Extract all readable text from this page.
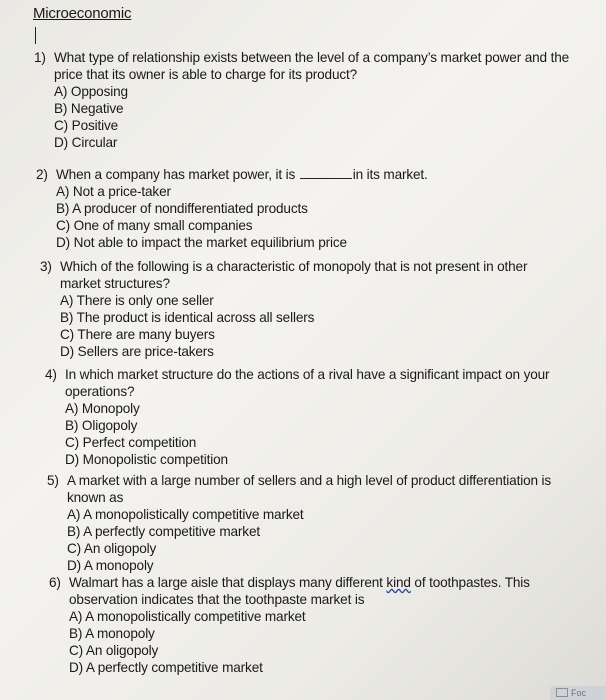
Microeconomic
1) What type of relationship exists between the level of a company’s market power and the price that its owner is able to charge for its product?
A) Opposing
B) Negative
C) Positive
D) Circular
2) When a company has market power, it is	in its market.
A) Not a price-taker
B) A producer of nondifferentiated products
C) One of many small companies
D) Not able to impact the market equilibrium price
3) Which of the following is a characteristic of monopoly that is not present in other market structures?
A) There is only one seller
B) The product is identical across all sellers
C) There are many buyers
D) Sellers are price-takers
4) In which market structure do the actions of a rival have a significant impact on your operations?
A) Monopoly
B) Oligopoly
C) Perfect competition
D) Monopolistic competition
5) A market with a large number of sellers and a high level of product differentiation is known as
A) A monopolistically competitive market
B) A perfectly competitive market
C) An oligopoly
D) A monopoly
6) Walmart has a large aisle that displays many different kind of toothpastes. This observation indicates that the toothpaste market is
A) A monopolistically competitive market
B) A monopoly
C) An oligopoly
D) A perfectly competitive market
Foc
